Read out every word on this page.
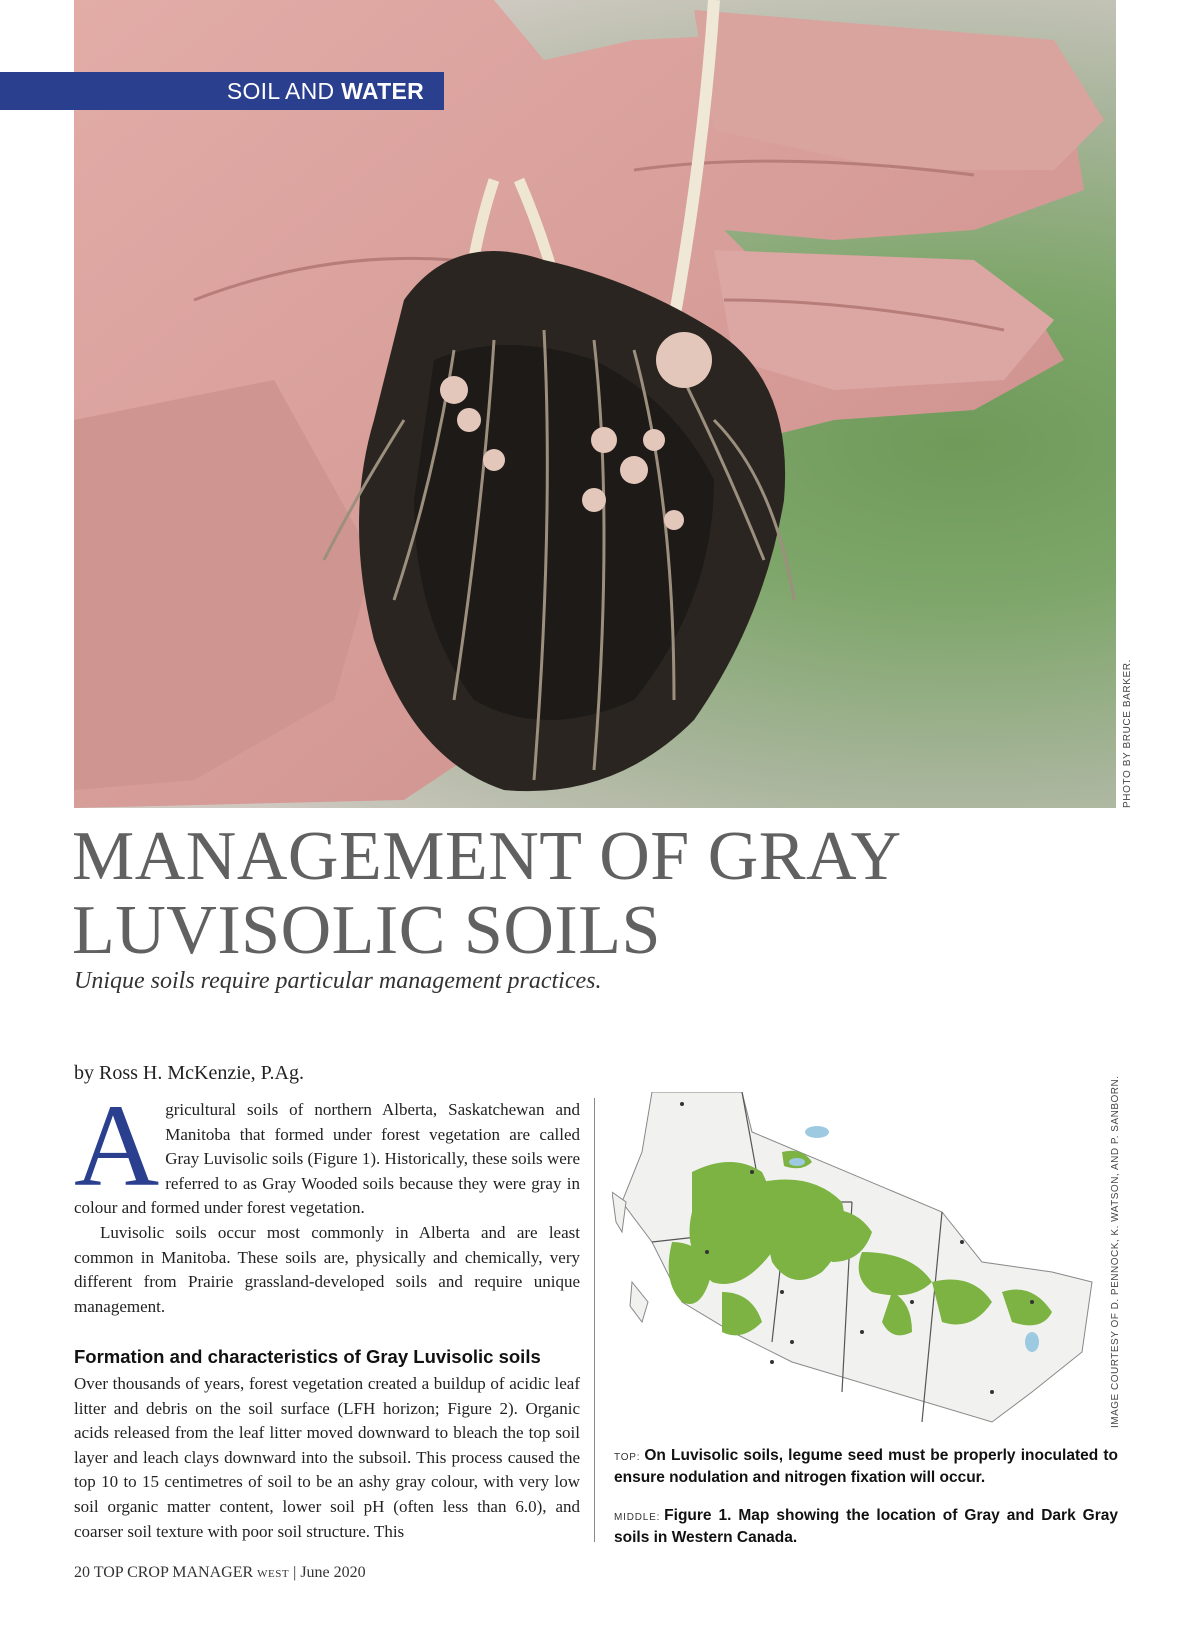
SOIL AND WATER
PHOTO BY BRUCE BARKER.
MANAGEMENT OF GRAY LUVISOLIC SOILS

Unique soils require particular management practices.

by Ross H. McKenzie, P.Ag.

Agricultural soils of northern Alberta, Saskatchewan and Manitoba that formed under forest vegetation are called Gray Luvisolic soils (Figure 1). Historically, these soils were referred to as Gray Wooded soils because they were gray in colour and formed under forest vegetation.

Luvisolic soils occur most commonly in Alberta and are least common in Manitoba. These soils are, physically and chemically, very different from Prairie grassland-developed soils and require unique management.

Formation and characteristics of Gray Luvisolic soils

Over thousands of years, forest vegetation created a buildup of acidic leaf litter and debris on the soil surface (LFH horizon; Figure 2). Organic acids released from the leaf litter moved downward to bleach the top soil layer and leach clays downward into the subsoil. This process caused the top 10 to 15 centimetres of soil to be an ashy gray colour, with very low soil organic matter content, lower soil pH (often less than 6.0), and coarser soil texture with poor soil structure. This

IMAGE COURTESY OF D. PENNOCK, K. WATSON, AND P. SANBORN.

TOP: On Luvisolic soils, legume seed must be properly inoculated to ensure nodulation and nitrogen fixation will occur.

MIDDLE: Figure 1. Map showing the location of Gray and Dark Gray soils in Western Canada.

20 TOP CROP MANAGER WEST | June 2020
